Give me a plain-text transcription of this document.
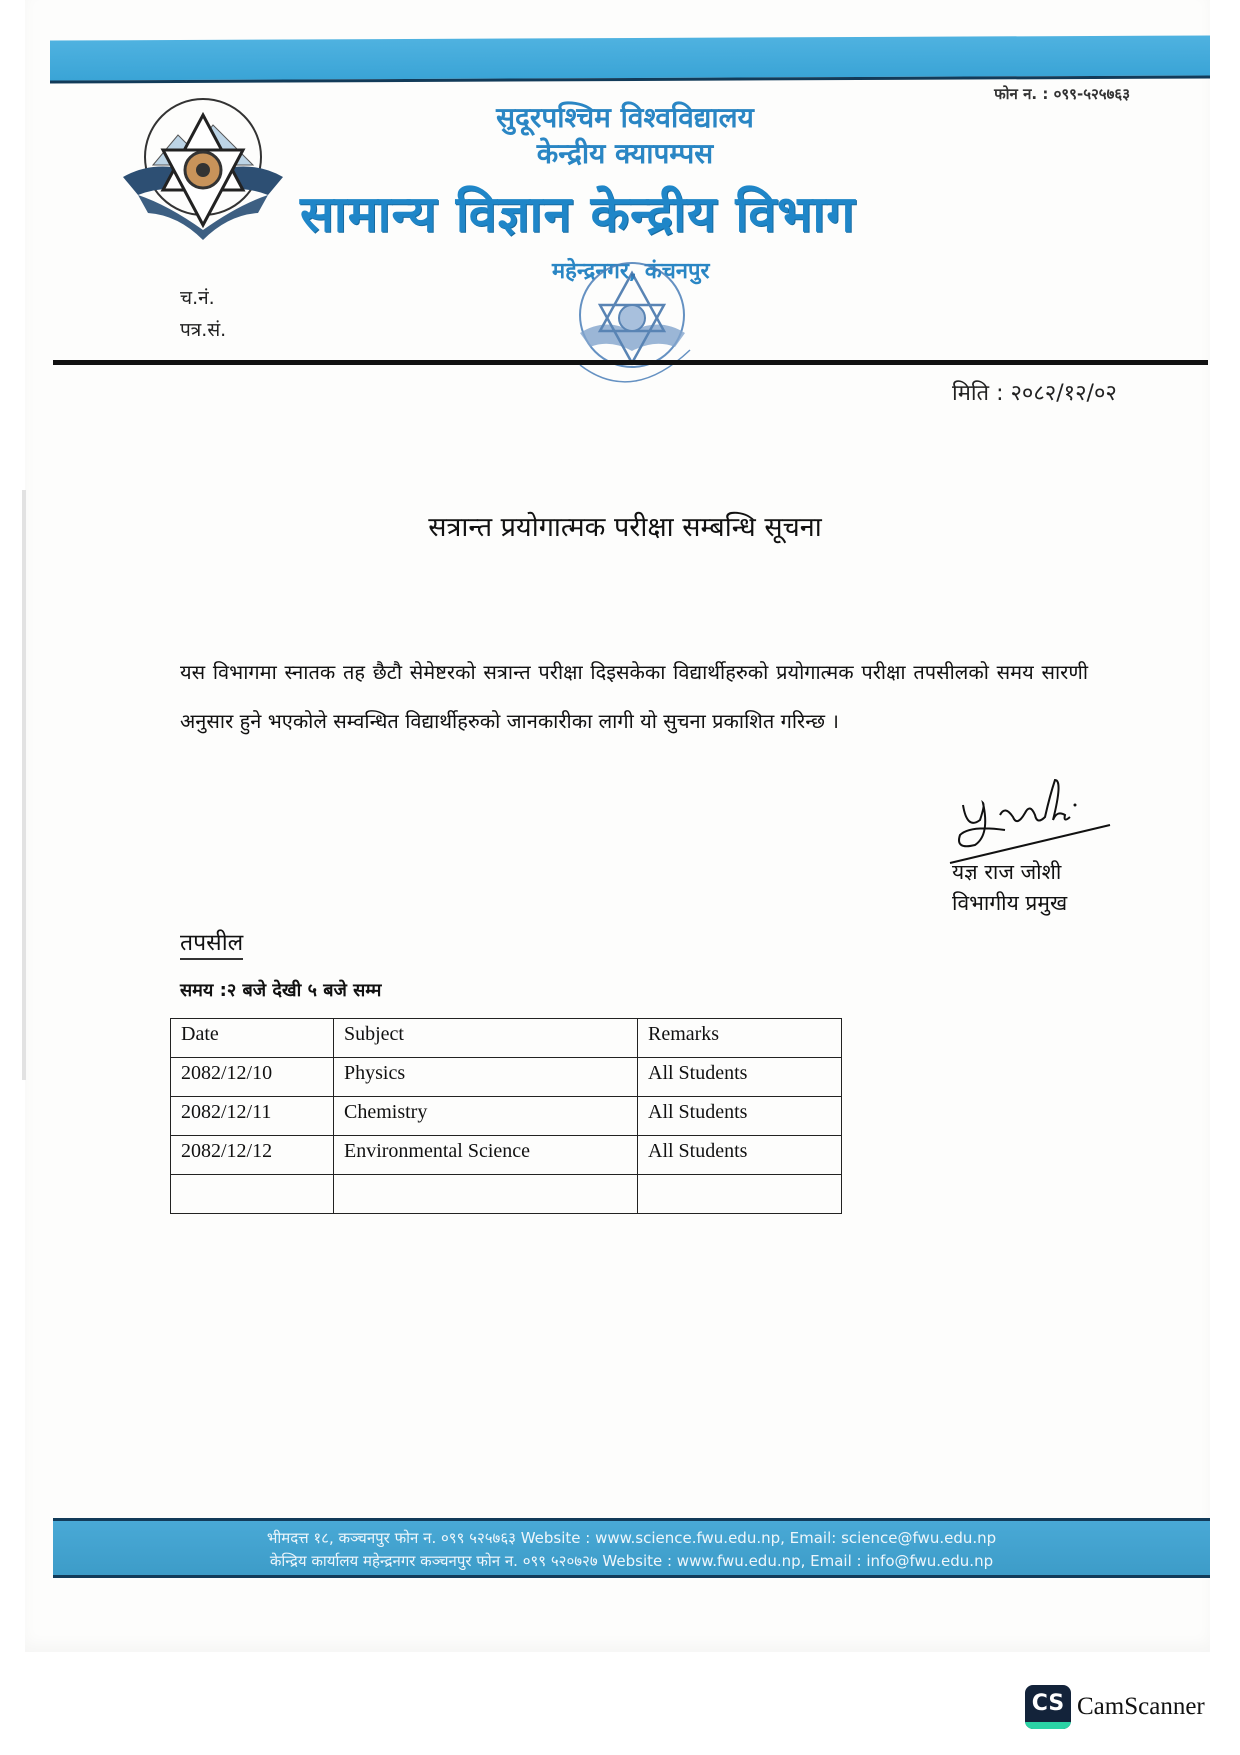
फोन न. : ०९९-५२५७६३
सुदूरपश्चिम विश्वविद्यालय
केन्द्रीय क्यापम्पस
सामान्य विज्ञान केन्द्रीय विभाग
महेन्द्रनगर, कंचनपुर
च.नं.
पत्र.सं.
मिति : २०८२/१२/०२
सत्रान्त प्रयोगात्मक परीक्षा सम्बन्धि सूचना
यस विभागमा स्नातक तह छैटौ सेमेष्टरको सत्रान्त परीक्षा दिइसकेका विद्यार्थीहरुको प्रयोगात्मक परीक्षा तपसीलको समय सारणी अनुसार हुने भएकोले सम्वन्धित विद्यार्थीहरुको जानकारीका लागी यो सुचना प्रकाशित गरिन्छ ।
यज्ञ राज जोशी
विभागीय प्रमुख
तपसील
समय :२ बजे देखी ५ बजे सम्म
Date	Subject	Remarks
2082/12/10	Physics	All Students
2082/12/11	Chemistry	All Students
2082/12/12	Environmental Science	All Students

भीमदत्त १८, कञ्चनपुर फोन न. ०९९ ५२५७६३ Website : www.science.fwu.edu.np, Email: science@fwu.edu.np
केन्द्रिय कार्यालय महेन्द्रनगर कञ्चनपुर फोन न. ०९९ ५२०७२७ Website : www.fwu.edu.np, Email : info@fwu.edu.np
CS CamScanner
